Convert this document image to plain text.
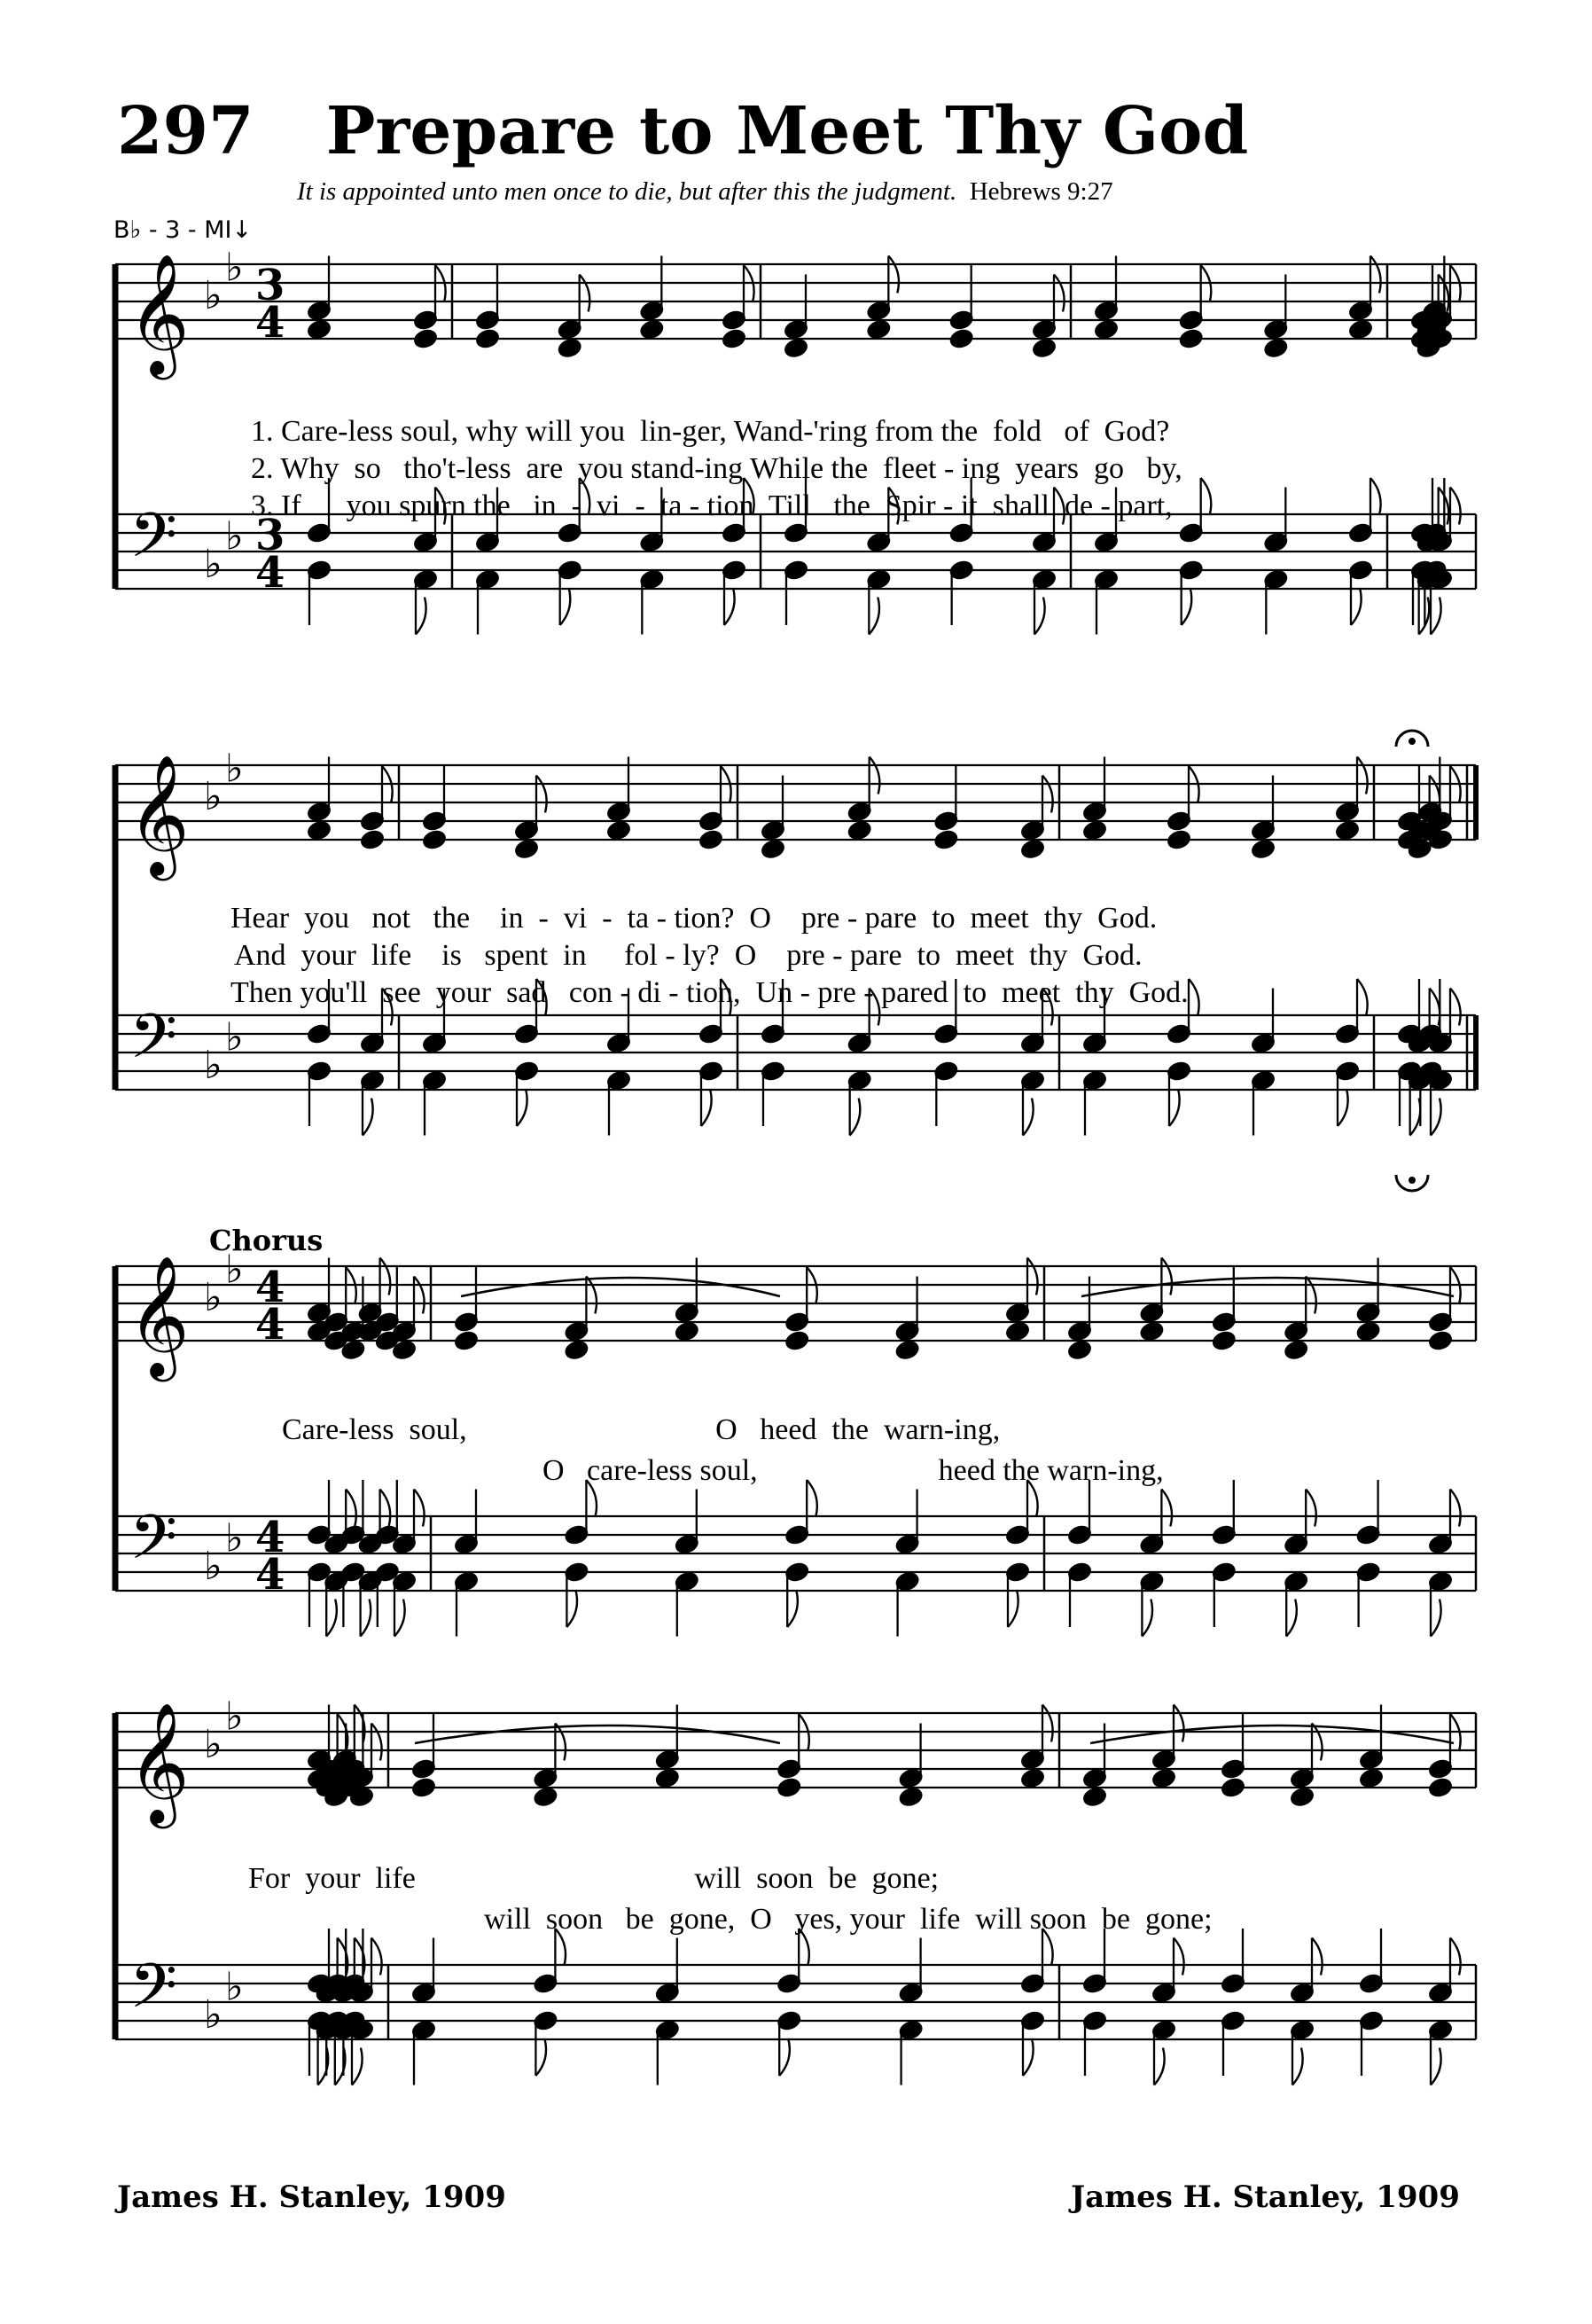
297	Prepare to Meet Thy God
It is appointed unto men once to die, but after this the judgment. Hebrews 9:27
B♭ - 3 - MI↓
𝄞
𝄢
♭
♭
♭
♭
3
4
3
4
𝄞
𝄢
♭
♭
♭
♭
𝄞
𝄢
♭
♭
♭
♭
4
4
4
4
𝄞
𝄢
♭
♭
♭
♭
1. Care-less soul, why will you  lin-ger, Wand-'ring from the  fold   of  God?
2. Why  so   tho't-less  are  you stand-ing While the  fleet - ing  years  go   by,
3. If      you spurn the   in  -  vi  -  ta - tion  Till   the  Spir - it  shall  de - part,
Hear  you   not   the    in  -  vi  -  ta - tion?  O    pre - pare  to  meet  thy  God.
And  your  life    is   spent  in     fol - ly?  O    pre - pare  to  meet  thy  God.
Then you'll  see  your  sad   con - di - tion,  Un - pre - pared  to  meet  thy  God.
Chorus
Care-less  soul,                                 O   heed  the  warn-ing,
O   care-less soul,                        heed the warn-ing,
For  your  life                                     will  soon  be  gone;
will  soon   be  gone,  O   yes, your  life  will soon  be  gone;
James H. Stanley, 1909	James H. Stanley, 1909
